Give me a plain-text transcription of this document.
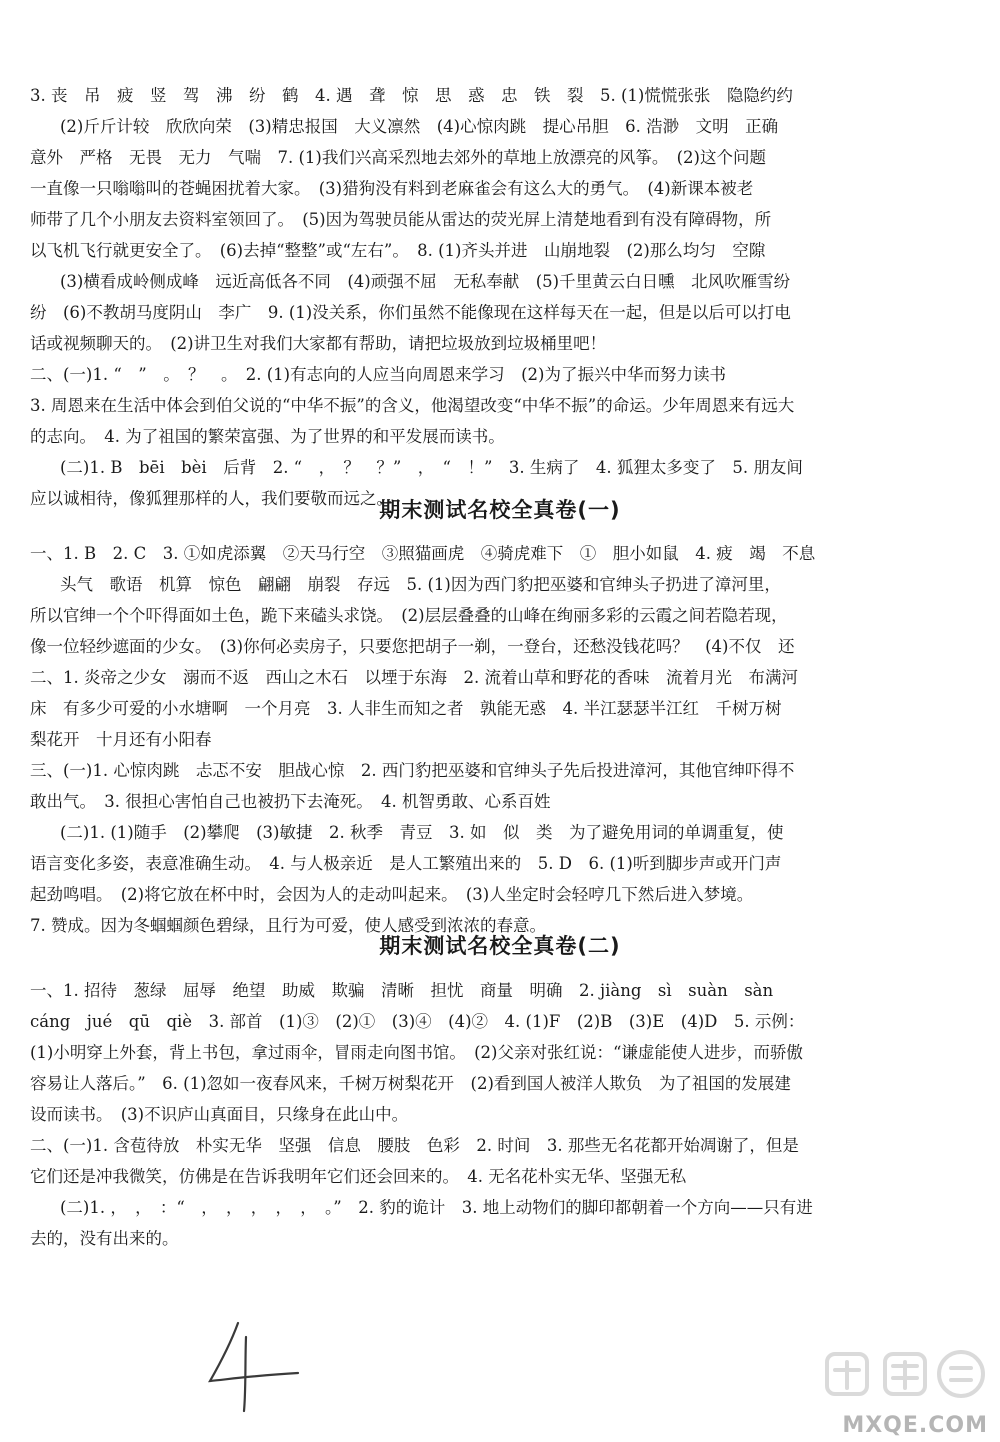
3. 丧　吊　疲　竖　驾　沸　纷　鹤　4. 遇　聋　惊　思　惑　忠　铁　裂　5. (1)慌慌张张　隐隐约约
(2)斤斤计较　欣欣向荣　(3)精忠报国　大义凛然　(4)心惊肉跳　提心吊胆　6. 浩渺　文明　正确
意外　严格　无畏　无力　气喘　7. (1)我们兴高采烈地去郊外的草地上放漂亮的风筝。　(2)这个问题
一直像一只嗡嗡叫的苍蝇困扰着大家。　(3)猎狗没有料到老麻雀会有这么大的勇气。　(4)新课本被老
师带了几个小朋友去资料室领回了。　(5)因为驾驶员能从雷达的荧光屏上清楚地看到有没有障碍物，所
以飞机飞行就更安全了。　(6)去掉“整整”或“左右”。　8. (1)齐头并进　山崩地裂　(2)那么均匀　空隙
(3)横看成岭侧成峰　远近高低各不同　(4)顽强不屈　无私奉献　(5)千里黄云白日曛　北风吹雁雪纷
纷　(6)不教胡马度阴山　李广　9. (1)没关系，你们虽然不能像现在这样每天在一起，但是以后可以打电
话或视频聊天的。　(2)讲卫生对我们大家都有帮助，请把垃圾放到垃圾桶里吧！
二、(一)1. “　”　。　？　。　2. (1)有志向的人应当向周恩来学习　(2)为了振兴中华而努力读书
3. 周恩来在生活中体会到伯父说的“中华不振”的含义，他渴望改变“中华不振”的命运。少年周恩来有远大
的志向。　4. 为了祖国的繁荣富强、为了世界的和平发展而读书。
(二)1. B　bēi　bèi　后背　2. “　，　？　？”　，　“　！”　3. 生病了　4. 狐狸太多变了　5. 朋友间
应以诚相待，像狐狸那样的人，我们要敬而远之。
期末测试名校全真卷(一)
一、1. B　2. C　3. ①如虎添翼　②天马行空　③照猫画虎　④骑虎难下　①　胆小如鼠　4. 疲　竭　不息
头气　歌语　机算　惊色　翩翩　崩裂　存远　5. (1)因为西门豹把巫婆和官绅头子扔进了漳河里，
所以官绅一个个吓得面如土色，跪下来磕头求饶。　(2)层层叠叠的山峰在绚丽多彩的云霞之间若隐若现，
像一位轻纱遮面的少女。　(3)你何必卖房子，只要您把胡子一剃，一登台，还愁没钱花吗？　(4)不仅　还
二、1. 炎帝之少女　溺而不返　西山之木石　以堙于东海　2. 流着山草和野花的香味　流着月光　布满河
床　有多少可爱的小水塘啊　一个月亮　3. 人非生而知之者　孰能无惑　4. 半江瑟瑟半江红　千树万树
梨花开　十月还有小阳春
三、(一)1. 心惊肉跳　忐忑不安　胆战心惊　2. 西门豹把巫婆和官绅头子先后投进漳河，其他官绅吓得不
敢出气。　3. 很担心害怕自己也被扔下去淹死。　4. 机智勇敢、心系百姓
(二)1. (1)随手　(2)攀爬　(3)敏捷　2. 秋季　青豆　3. 如　似　类　为了避免用词的单调重复，使
语言变化多姿，表意准确生动。　4. 与人极亲近　是人工繁殖出来的　5. D　6. (1)听到脚步声或开门声
起劲鸣唱。　(2)将它放在杯中时，会因为人的走动叫起来。　(3)人坐定时会轻哼几下然后进入梦境。
7. 赞成。因为冬蝈蝈颜色碧绿，且行为可爱，使人感受到浓浓的春意。
期末测试名校全真卷(二)
一、1. 招待　葱绿　屈辱　绝望　助威　欺骗　清晰　担忧　商量　明确　2. jiàng　sì　suàn　sàn
cáng　jué　qū　qiè　3. 部首　(1)③　(2)①　(3)④　(4)②　4. (1)F　(2)B　(3)E　(4)D　5. 示例：
(1)小明穿上外套，背上书包，拿过雨伞，冒雨走向图书馆。　(2)父亲对张红说：“谦虚能使人进步，而骄傲
容易让人落后。”　6. (1)忽如一夜春风来，千树万树梨花开　(2)看到国人被洋人欺负　为了祖国的发展建
设而读书。　(3)不识庐山真面目，只缘身在此山中。
二、(一)1. 含苞待放　朴实无华　坚强　信息　腰肢　色彩　2. 时间　3. 那些无名花都开始凋谢了，但是
它们还是冲我微笑，仿佛是在告诉我明年它们还会回来的。　4. 无名花朴实无华、坚强无私
(二)1. ，　，　：“　，　，　，　，　，　。”　2. 豹的诡计　3. 地上动物们的脚印都朝着一个方向——只有进
去的，没有出来的。
MXQE.COM
